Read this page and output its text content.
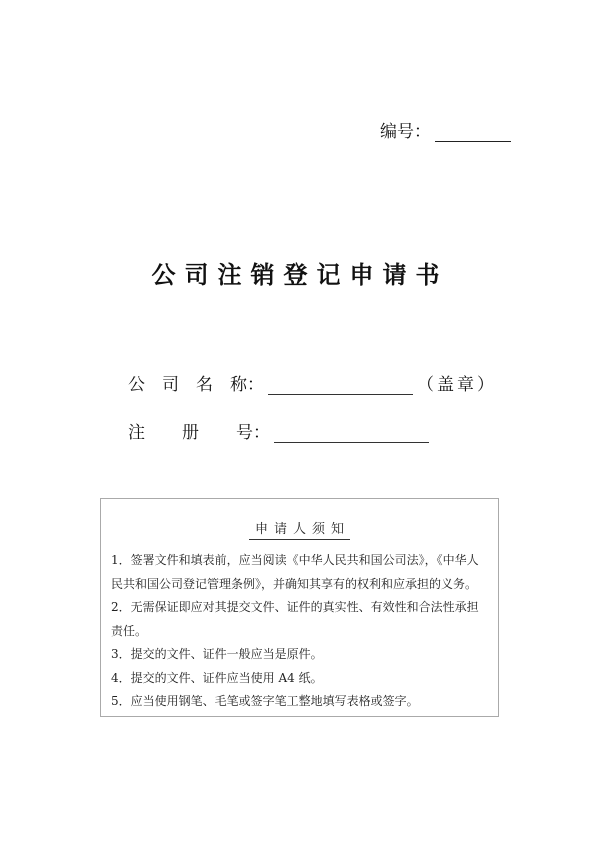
编号：
公司注销登记申请书
公	司	名	称：	（盖章）
注	册	号：
申请人须知
1．签署文件和填表前，应当阅读《中华人民共和国公司法》，《中华人民共和国公司登记管理条例》，并确知其享有的权利和应承担的义务。
2．无需保证即应对其提交文件、证件的真实性、有效性和合法性承担责任。
3．提交的文件、证件一般应当是原件。
4．提交的文件、证件应当使用 A4 纸。
5．应当使用钢笔、毛笔或签字笔工整地填写表格或签字。
